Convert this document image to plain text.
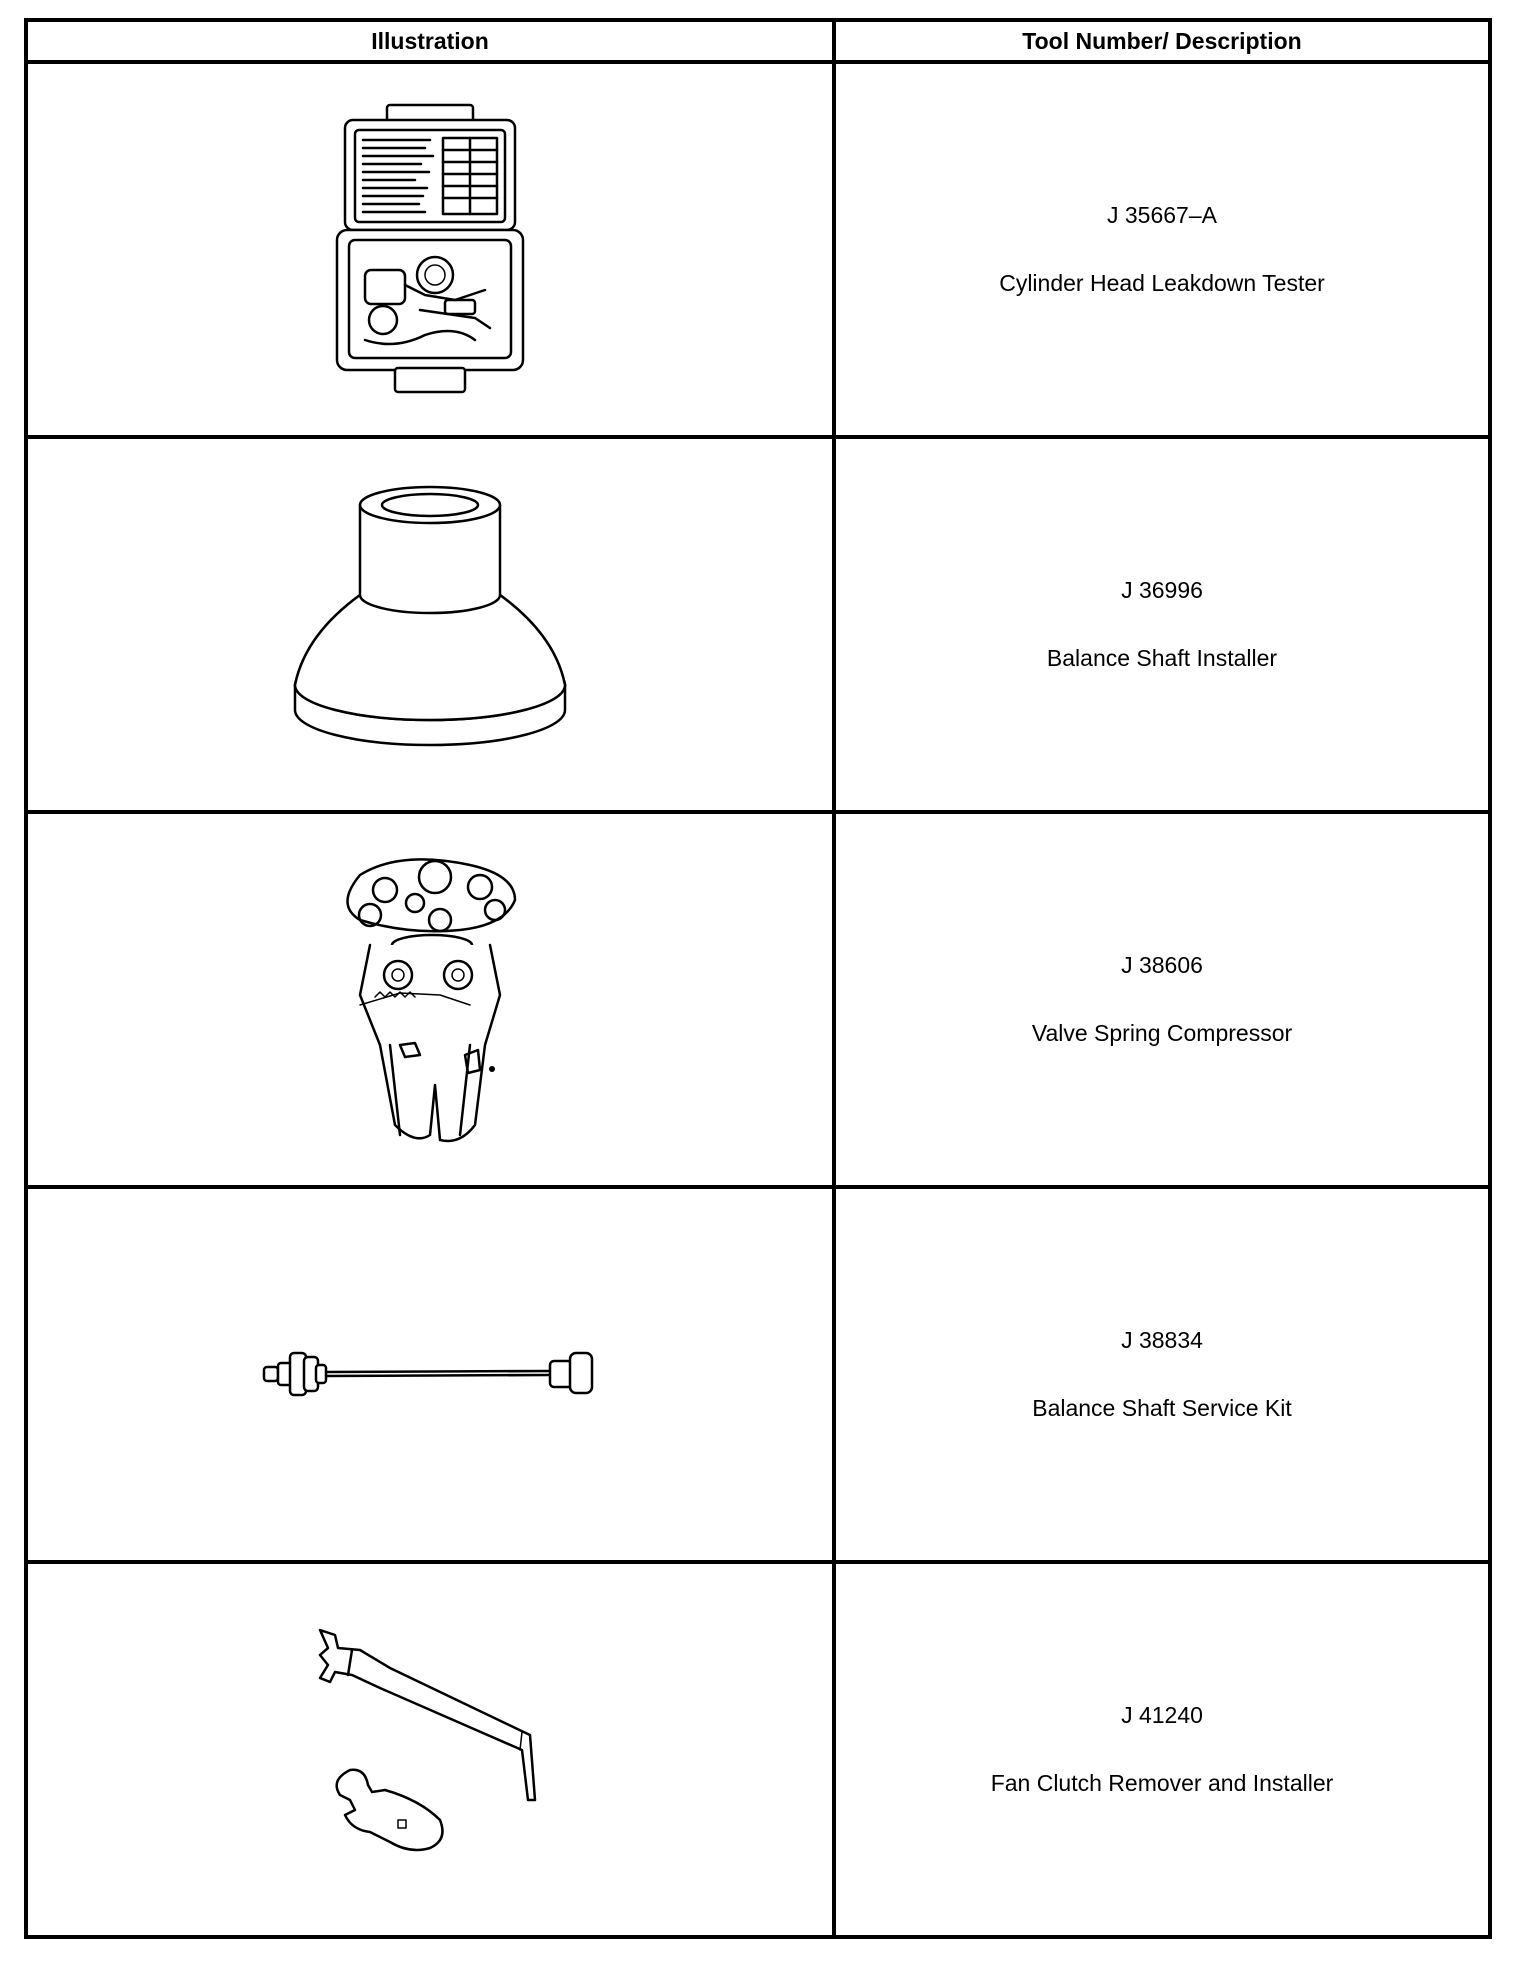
Illustration	Tool Number/ Description

J 35667–A
Cylinder Head Leakdown Tester

J 36996
Balance Shaft Installer

J 38606
Valve Spring Compressor

J 38834
Balance Shaft Service Kit

J 41240
Fan Clutch Remover and Installer
